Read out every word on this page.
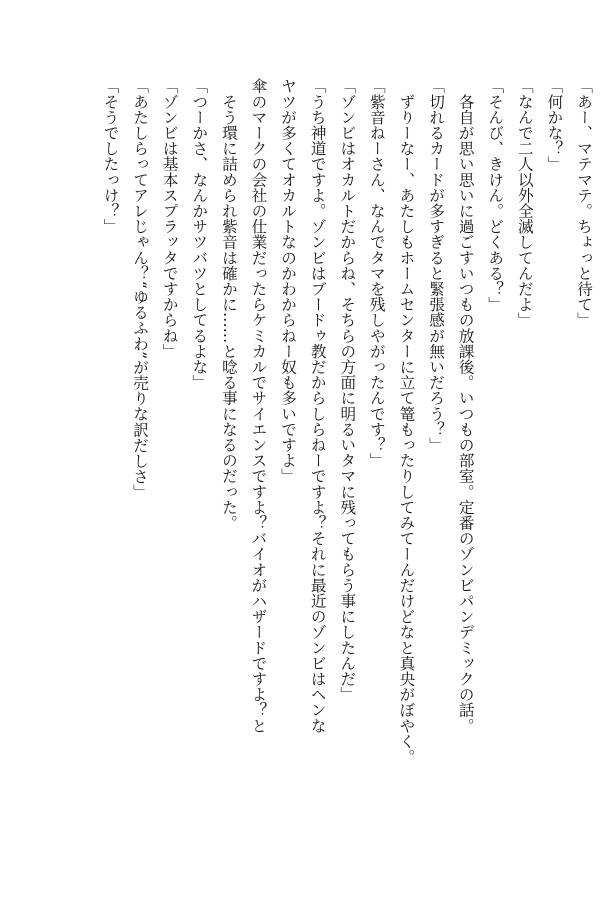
「あー、マテマテ。ちょっと待て」

「何かな？」

「なんで二人以外全滅してんだよ」

「そんび、きけん。どくある？」

　各自が思い思いに過ごすいつもの放課後。いつもの部室。定番のゾンビパンデミックの話。

「切れるカードが多すぎると緊張感が無いだろう？」

　ずりーなー、あたしもホームセンターに立て篭もったりしてみてーんだけどなと真央がぼやく。

「紫音ねーさん、なんでタマを残しやがったんです？」

「ゾンビはオカルトだからね、そちらの方面に明るいタマに残ってもらう事にしたんだ」

「うち神道ですよ。ゾンビはブードゥ教だからしらねーですよ？それに最近のゾンビはヘンな

ヤツが多くてオカルトなのかわからねー奴も多いですよ」

傘のマークの会社の仕業だったらケミカルでサイエンスですよ？バイオがハザードですよ？と

　そう環に詰められ紫音は確かに……と唸る事になるのだった。

「つーかさ、なんかサツバツとしてるよな」

「ゾンビは基本スプラッタですからね」

「あたしらってアレじゃん？“ゆるふわ”が売りな訳だしさ」

「そうでしたっけ？」
